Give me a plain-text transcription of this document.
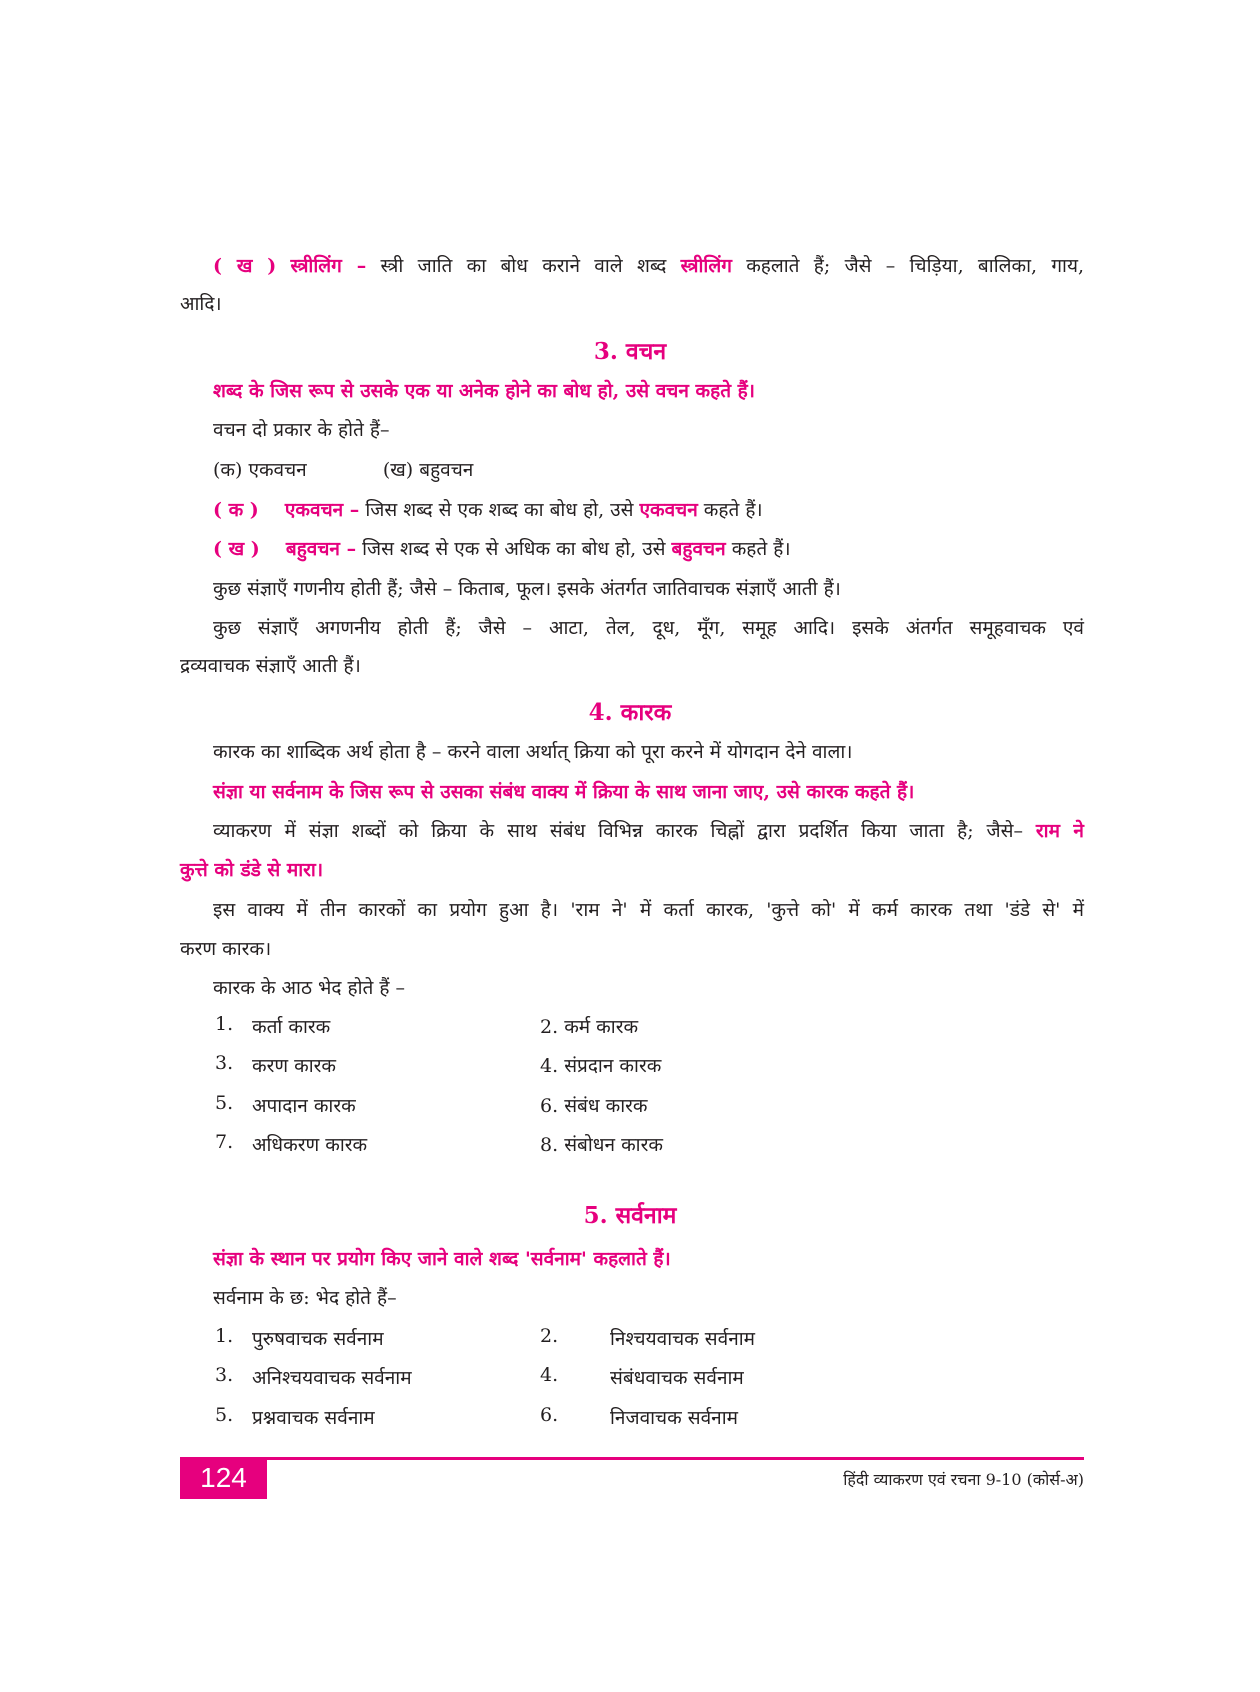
( ख ) स्त्रीलिंग – स्त्री जाति का बोध कराने वाले शब्द स्त्रीलिंग कहलाते हैं; जैसे – चिड़िया, बालिका, गाय,
आदि।
3. वचन
शब्द के जिस रूप से उसके एक या अनेक होने का बोध हो, उसे वचन कहते हैं।
वचन दो प्रकार के होते हैं–
(क) एकवचन	(ख) बहुवचन
( क ) एकवचन – जिस शब्द से एक शब्द का बोध हो, उसे एकवचन कहते हैं।
( ख ) बहुवचन – जिस शब्द से एक से अधिक का बोध हो, उसे बहुवचन कहते हैं।
कुछ संज्ञाएँ गणनीय होती हैं; जैसे – किताब, फूल। इसके अंतर्गत जातिवाचक संज्ञाएँ आती हैं।
कुछ संज्ञाएँ अगणनीय होती हैं; जैसे – आटा, तेल, दूध, मूँग, समूह आदि। इसके अंतर्गत समूहवाचक एवं
द्रव्यवाचक संज्ञाएँ आती हैं।
4. कारक
कारक का शाब्दिक अर्थ होता है – करने वाला अर्थात् क्रिया को पूरा करने में योगदान देने वाला।
संज्ञा या सर्वनाम के जिस रूप से उसका संबंध वाक्य में क्रिया के साथ जाना जाए, उसे कारक कहते हैं।
व्याकरण में संज्ञा शब्दों को क्रिया के साथ संबंध विभिन्न कारक चिह्नों द्वारा प्रदर्शित किया जाता है; जैसे– राम ने
कुत्ते को डंडे से मारा।
इस वाक्य में तीन कारकों का प्रयोग हुआ है। 'राम ने' में कर्ता कारक, 'कुत्ते को' में कर्म कारक तथा 'डंडे से' में
करण कारक।
कारक के आठ भेद होते हैं –
1. कर्ता कारक	2. कर्म कारक
3. करण कारक	4. संप्रदान कारक
5. अपादान कारक	6. संबंध कारक
7. अधिकरण कारक	8. संबोधन कारक
5. सर्वनाम
संज्ञा के स्थान पर प्रयोग किए जाने वाले शब्द 'सर्वनाम' कहलाते हैं।
सर्वनाम के छ: भेद होते हैं–
1. पुरुषवाचक सर्वनाम	2.	निश्चयवाचक सर्वनाम
3. अनिश्चयवाचक सर्वनाम	4.	संबंधवाचक सर्वनाम
5. प्रश्नवाचक सर्वनाम	6.	निजवाचक सर्वनाम
124	हिंदी व्याकरण एवं रचना 9-10 (कोर्स-अ)
